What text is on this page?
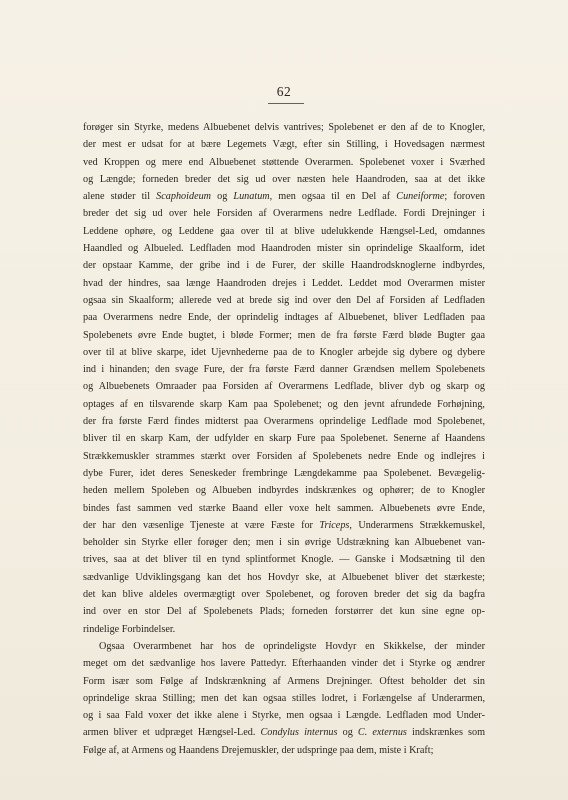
62
forøger sin Styrke, medens Albuebenet delvis vantrives; Spolebenet er den af de to Knogler,
der mest er udsat for at bære Legemets Vægt, efter sin Stilling, i Hovedsagen nærmest
ved Kroppen og mere end Albuebenet støttende Overarmen. Spolebenet voxer i Sværhed
og Længde; forneden breder det sig ud over næsten hele Haandroden, saa at det ikke
alene støder til Scaphoideum og Lunatum, men ogsaa til en Del af Cuneiforme; foroven
breder det sig ud over hele Forsiden af Overarmens nedre Ledflade. Fordi Drejninger i
Leddene ophøre, og Leddene gaa over til at blive udelukkende Hængsel-Led, omdannes
Haandled og Albueled. Ledfladen mod Haandroden mister sin oprindelige Skaalform, idet
der opstaar Kamme, der gribe ind i de Furer, der skille Haandrodsknoglerne indbyrdes,
hvad der hindres, saa længe Haandroden drejes i Leddet. Leddet mod Overarmen mister
ogsaa sin Skaalform; allerede ved at brede sig ind over den Del af Forsiden af Ledfladen
paa Overarmens nedre Ende, der oprindelig indtages af Albuebenet, bliver Ledfladen paa
Spolebenets øvre Ende bugtet, i bløde Former; men de fra første Færd bløde Bugter gaa
over til at blive skarpe, idet Ujevnhederne paa de to Knogler arbejde sig dybere og dybere
ind i hinanden; den svage Fure, der fra første Færd danner Grændsen mellem Spolebenets
og Albuebenets Omraader paa Forsiden af Overarmens Ledflade, bliver dyb og skarp og
optages af en tilsvarende skarp Kam paa Spolebenet; og den jevnt afrundede Forhøjning,
der fra første Færd findes midterst paa Overarmens oprindelige Ledflade mod Spolebenet,
bliver til en skarp Kam, der udfylder en skarp Fure paa Spolebenet. Senerne af Haandens
Strækkemuskler strammes stærkt over Forsiden af Spolebenets nedre Ende og indlejres i
dybe Furer, idet deres Seneskeder frembringe Længdekamme paa Spolebenet. Bevægelig-
heden mellem Spoleben og Albueben indbyrdes indskrænkes og ophører; de to Knogler
bindes fast sammen ved stærke Baand eller voxe helt sammen. Albuebenets øvre Ende,
der har den væsenlige Tjeneste at være Fæste for Triceps, Underarmens Strækkemuskel,
beholder sin Styrke eller forøger den; men i sin øvrige Udstrækning kan Albuebenet van-
trives, saa at det bliver til en tynd splintformet Knogle. — Ganske i Modsætning til den
sædvanlige Udviklingsgang kan det hos Hovdyr ske, at Albuebenet bliver det stærkeste;
det kan blive aldeles overmægtigt over Spolebenet, og foroven breder det sig da bagfra
ind over en stor Del af Spolebenets Plads; forneden forstørrer det kun sine egne op-
rindelige Forbindelser.
Ogsaa Overarmbenet har hos de oprindeligste Hovdyr en Skikkelse, der minder
meget om det sædvanlige hos lavere Pattedyr. Efterhaanden vinder det i Styrke og ændrer
Form især som Følge af Indskrænkning af Armens Drejninger. Oftest beholder det sin
oprindelige skraa Stilling; men det kan ogsaa stilles lodret, i Forlængelse af Underarmen,
og i saa Fald voxer det ikke alene i Styrke, men ogsaa i Længde. Ledfladen mod Under-
armen bliver et udpræget Hængsel-Led. Condylus internus og C. externus indskrænkes som
Følge af, at Armens og Haandens Drejemuskler, der udspringe paa dem, miste i Kraft;
